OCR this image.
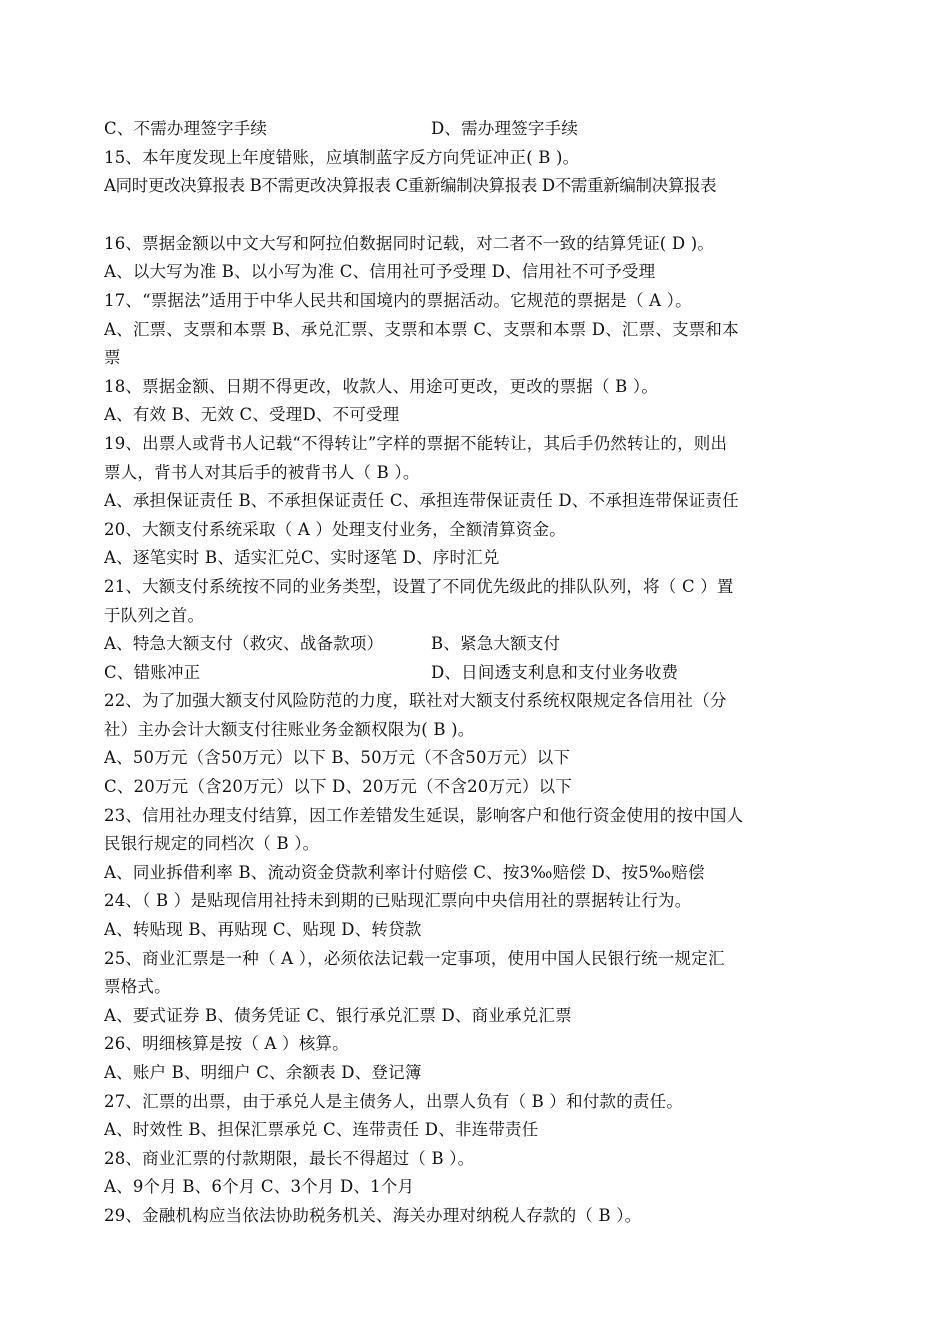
C、不需办理签字手续	D、需办理签字手续
15、本年度发现上年度错账，应填制蓝字反方向凭证冲正( B )。
A同时更改决算报表 B不需更改决算报表 C重新编制决算报表 D不需重新编制决算报表
16、票据金额以中文大写和阿拉伯数据同时记载，对二者不一致的结算凭证( D )。
A、以大写为准 B、以小写为准 C、信用社可予受理 D、信用社不可予受理
17、“票据法”适用于中华人民共和国境内的票据活动。它规范的票据是（ A ）。
A、汇票、支票和本票 B、承兑汇票、支票和本票 C、支票和本票 D、汇票、支票和本
票
18、票据金额、日期不得更改，收款人、用途可更改，更改的票据（ B ）。
A、有效 B、无效 C、受理D、不可受理
19、出票人或背书人记载“不得转让”字样的票据不能转让，其后手仍然转让的，则出
票人，背书人对其后手的被背书人（ B ）。
A、承担保证责任 B、不承担保证责任 C、承担连带保证责任 D、不承担连带保证责任
20、大额支付系统采取（ A ）处理支付业务，全额清算资金。
A、逐笔实时 B、适实汇兑C、实时逐笔 D、序时汇兑
21、大额支付系统按不同的业务类型，设置了不同优先级此的排队队列，将（ C ）置
于队列之首。
A、特急大额支付（救灾、战备款项）	B、紧急大额支付
C、错账冲正	D、日间透支利息和支付业务收费
22、为了加强大额支付风险防范的力度，联社对大额支付系统权限规定各信用社（分
社）主办会计大额支付往账业务金额权限为( B )。
A、50万元（含50万元）以下 B、50万元（不含50万元）以下
C、20万元（含20万元）以下 D、20万元（不含20万元）以下
23、信用社办理支付结算，因工作差错发生延误，影响客户和他行资金使用的按中国人
民银行规定的同档次（ B ）。
A、同业拆借利率 B、流动资金贷款利率计付赔偿 C、按3‰赔偿 D、按5‰赔偿
24、（ B ）是贴现信用社持未到期的已贴现汇票向中央信用社的票据转让行为。
A、转贴现 B、再贴现 C、贴现 D、转贷款
25、商业汇票是一种（ A ），必须依法记载一定事项，使用中国人民银行统一规定汇
票格式。
A、要式证券 B、债务凭证 C、银行承兑汇票 D、商业承兑汇票
26、明细核算是按（ A ）核算。
A、账户 B、明细户 C、余额表 D、登记簿
27、汇票的出票，由于承兑人是主债务人，出票人负有（ B ）和付款的责任。
A、时效性 B、担保汇票承兑 C、连带责任 D、非连带责任
28、商业汇票的付款期限，最长不得超过（ B ）。
A、9个月 B、6个月 C、3个月 D、1个月
29、金融机构应当依法协助税务机关、海关办理对纳税人存款的（ B ）。
